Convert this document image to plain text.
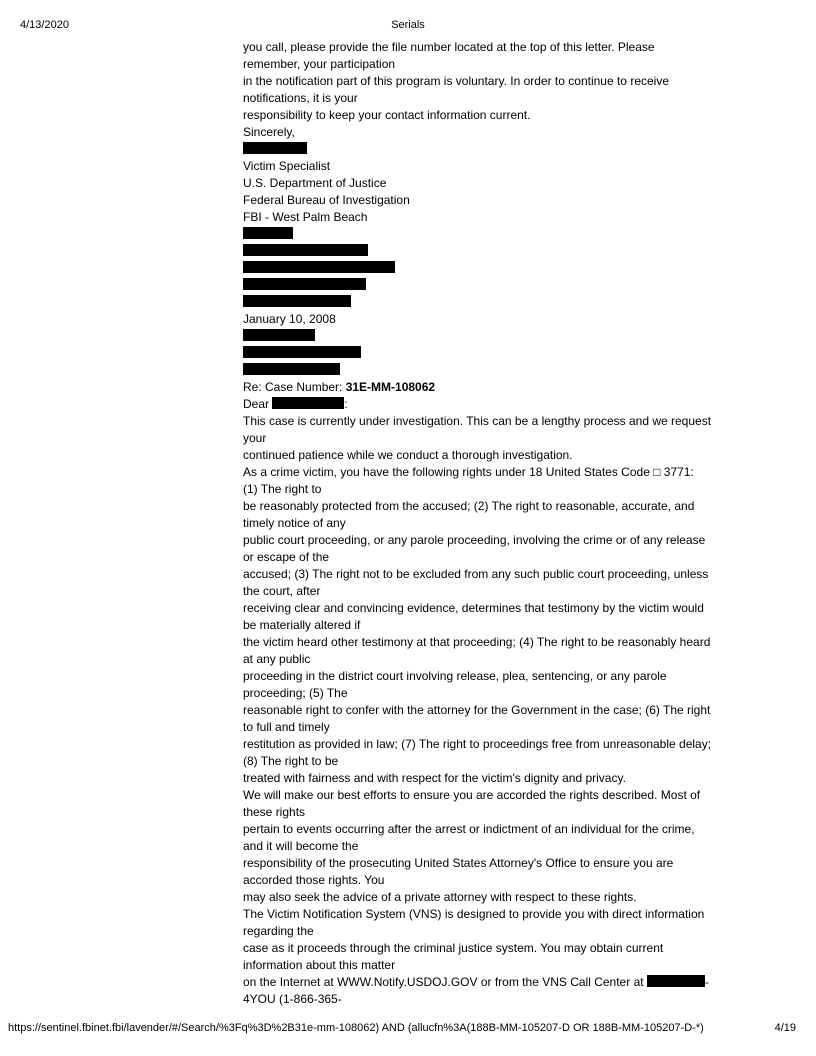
4/13/2020	Serials
you call, please provide the file number located at the top of this letter. Please
remember, your participation
in the notification part of this program is voluntary. In order to continue to receive
notifications, it is your
responsibility to keep your contact information current.
Sincerely,
Victim Specialist
U.S. Department of Justice
Federal Bureau of Investigation
FBI - West Palm Beach
January 10, 2008
Re: Case Number: 31E-MM-108062
Dear	:
This case is currently under investigation. This can be a lengthy process and we request
your
continued patience while we conduct a thorough investigation.
As a crime victim, you have the following rights under 18 United States Code □ 3771:
(1) The right to
be reasonably protected from the accused; (2) The right to reasonable, accurate, and
timely notice of any
public court proceeding, or any parole proceeding, involving the crime or of any release
or escape of the
accused; (3) The right not to be excluded from any such public court proceeding, unless
the court, after
receiving clear and convincing evidence, determines that testimony by the victim would
be materially altered if
the victim heard other testimony at that proceeding; (4) The right to be reasonably heard
at any public
proceeding in the district court involving release, plea, sentencing, or any parole
proceeding; (5) The
reasonable right to confer with the attorney for the Government in the case; (6) The right
to full and timely
restitution as provided in law; (7) The right to proceedings free from unreasonable delay;
(8) The right to be
treated with fairness and with respect for the victim's dignity and privacy.
We will make our best efforts to ensure you are accorded the rights described. Most of
these rights
pertain to events occurring after the arrest or indictment of an individual for the crime,
and it will become the
responsibility of the prosecuting United States Attorney's Office to ensure you are
accorded those rights. You
may also seek the advice of a private attorney with respect to these rights.
The Victim Notification System (VNS) is designed to provide you with direct information
regarding the
case as it proceeds through the criminal justice system. You may obtain current
information about this matter
on the Internet at WWW.Notify.USDOJ.GOV or from the VNS Call Center at	-
4YOU (1-866-365-
https://sentinel.fbinet.fbi/lavender/#/Search/%3Fq%3D%2B31e-mm-108062) AND (allucfn%3A(188B-MM-105207-D OR 188B-MM-105207-D-*)	4/19
